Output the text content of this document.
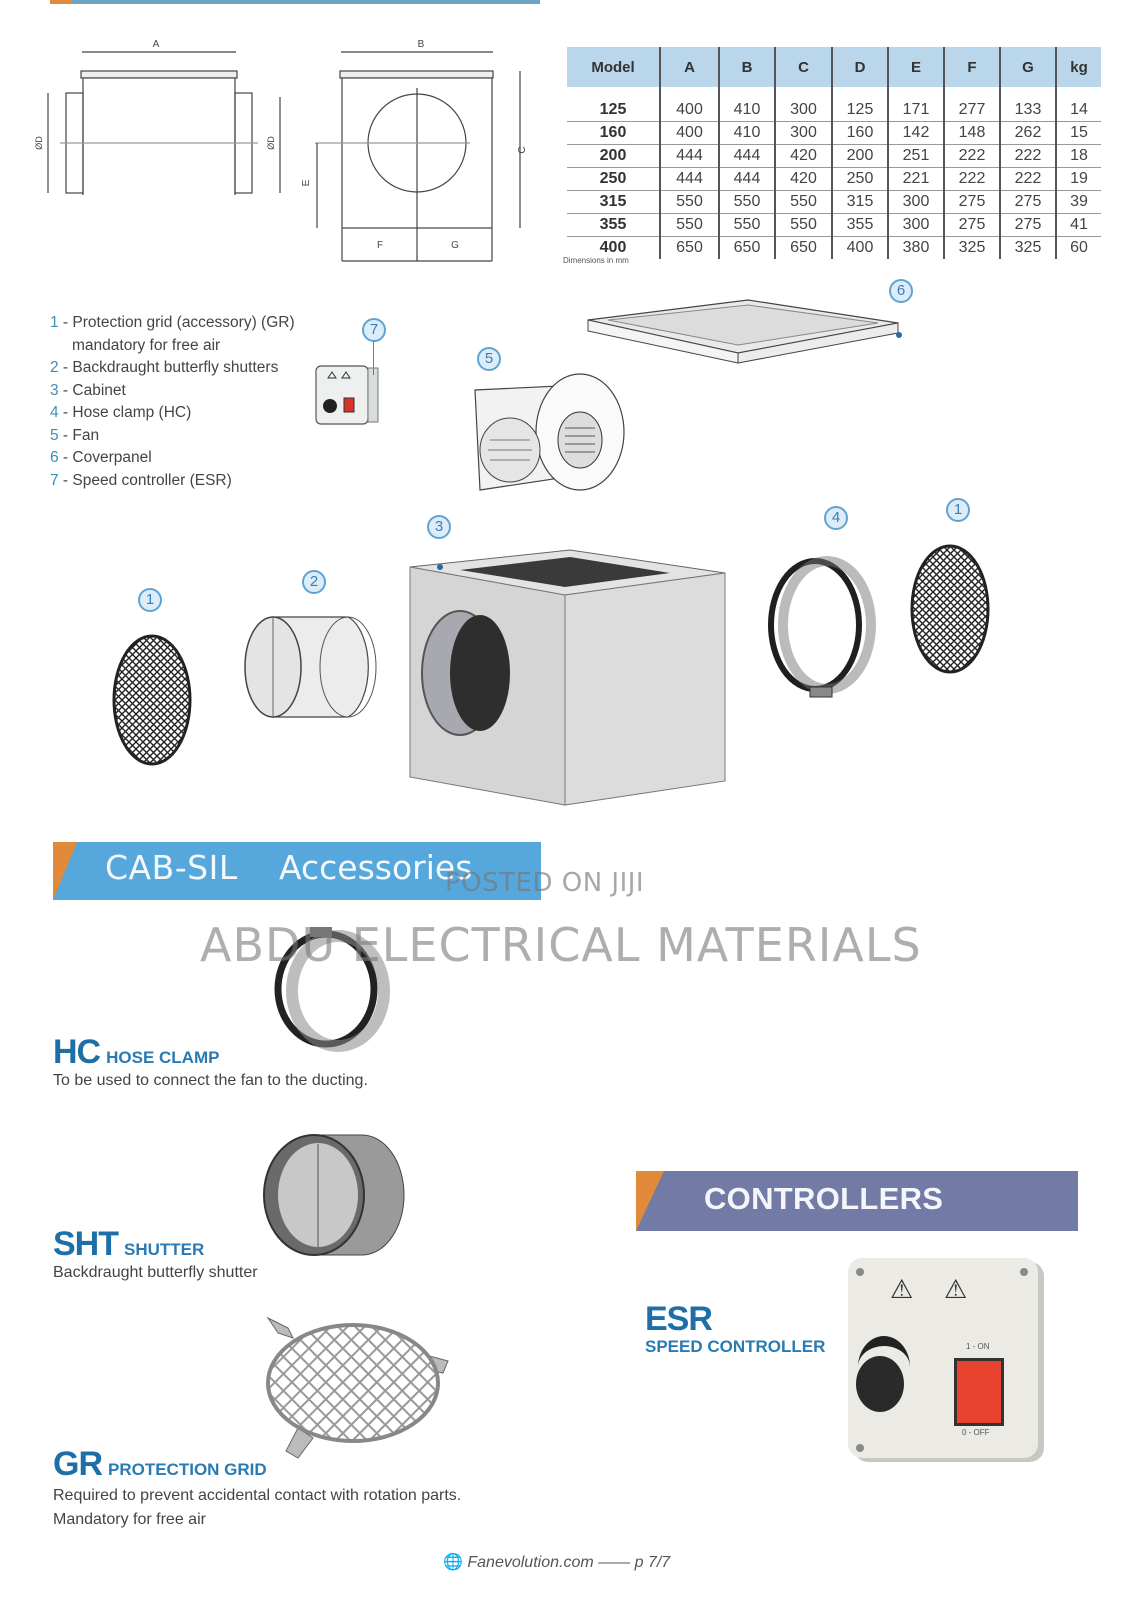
A
ØD	ØD
B
C
E
F	G
Model	A	B	C	D	E	F	G	kg

125	400	410	300	125	171	277	133	14
160	400	410	300	160	142	148	262	15
200	444	444	420	200	251	222	222	18
250	444	444	420	250	221	222	222	19
315	550	550	550	315	300	275	275	39
355	550	550	550	355	300	275	275	41
400	650	650	650	400	380	325	325	60
Dimensions in mm
1 - Protection grid (accessory) (GR)
mandatory for free air
2 - Backdraught butterfly shutters
3 - Cabinet
4 - Hose clamp (HC)
5 - Fan
6 - Coverpanel
7 - Speed controller (ESR)
7
5
6
3
1
2
4	1
CAB-SIL Accessories
POSTED ON JIJI
ABDU ELECTRICAL MATERIALS
HC HOSE CLAMP
To be used to connect the fan to the ducting.
SHT SHUTTER
Backdraught butterfly shutter
GR PROTECTION GRID
Required to prevent accidental contact with rotation parts.
Mandatory for free air
CONTROLLERS
ESR
SPEED CONTROLLER
⚠ ⚠
1 - ON
0 - OFF
🌐 Fanevolution.com —— p 7/7
